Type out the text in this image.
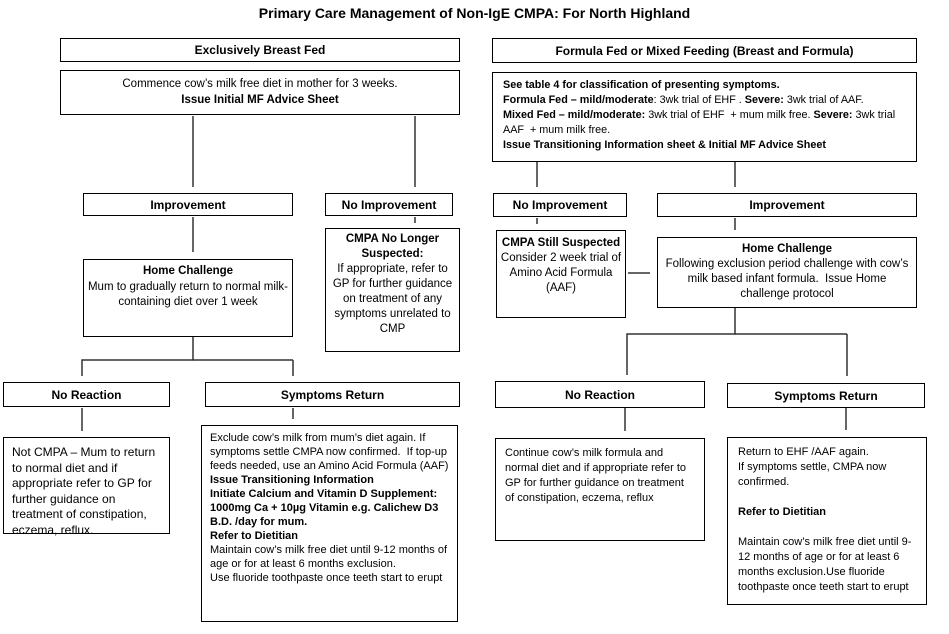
Primary Care Management of Non-IgE CMPA: For North Highland
Exclusively Breast Fed
Commence cow’s milk free diet in mother for 3 weeks.
Issue Initial MF Advice Sheet
Improvement	No Improvement
Home Challenge
Mum to gradually return to normal milk-containing diet over 1 week
CMPA No Longer Suspected:
If appropriate, refer to GP for further guidance on treatment of any symptoms unrelated to CMP
No Reaction	Symptoms Return
Not CMPA – Mum to return to normal diet and if appropriate refer to GP for further guidance on treatment of constipation, eczema, reflux.
Exclude cow’s milk from mum’s diet again. If symptoms settle CMPA now confirmed.  If top-up feeds needed, use an Amino Acid Formula (AAF)
Issue Transitioning Information
Initiate Calcium and Vitamin D Supplement: 1000mg Ca + 10µg Vitamin e.g. Calichew D3 B.D. /day for mum.
Refer to Dietitian
Maintain cow’s milk free diet until 9-12 months of age or for at least 6 months exclusion.
Use fluoride toothpaste once teeth start to erupt
Formula Fed or Mixed Feeding (Breast and Formula)
See table 4 for classification of presenting symptoms.
Formula Fed – mild/moderate: 3wk trial of EHF . Severe: 3wk trial of AAF.
Mixed Fed – mild/moderate: 3wk trial of EHF  + mum milk free. Severe: 3wk trial AAF  + mum milk free.
Issue Transitioning Information sheet & Initial MF Advice Sheet
No Improvement	Improvement
CMPA Still Suspected
Consider 2 week trial of Amino Acid Formula (AAF)
Home Challenge
Following exclusion period challenge with cow’s milk based infant formula.  Issue Home challenge protocol
No Reaction	Symptoms Return
Continue cow’s milk formula and normal diet and if appropriate refer to GP for further guidance on treatment of constipation, eczema, reflux
Return to EHF /AAF again.
If symptoms settle, CMPA now confirmed.
Refer to Dietitian
Maintain cow’s milk free diet until 9-12 months of age or for at least 6 months exclusion.Use fluoride toothpaste once teeth start to erupt
